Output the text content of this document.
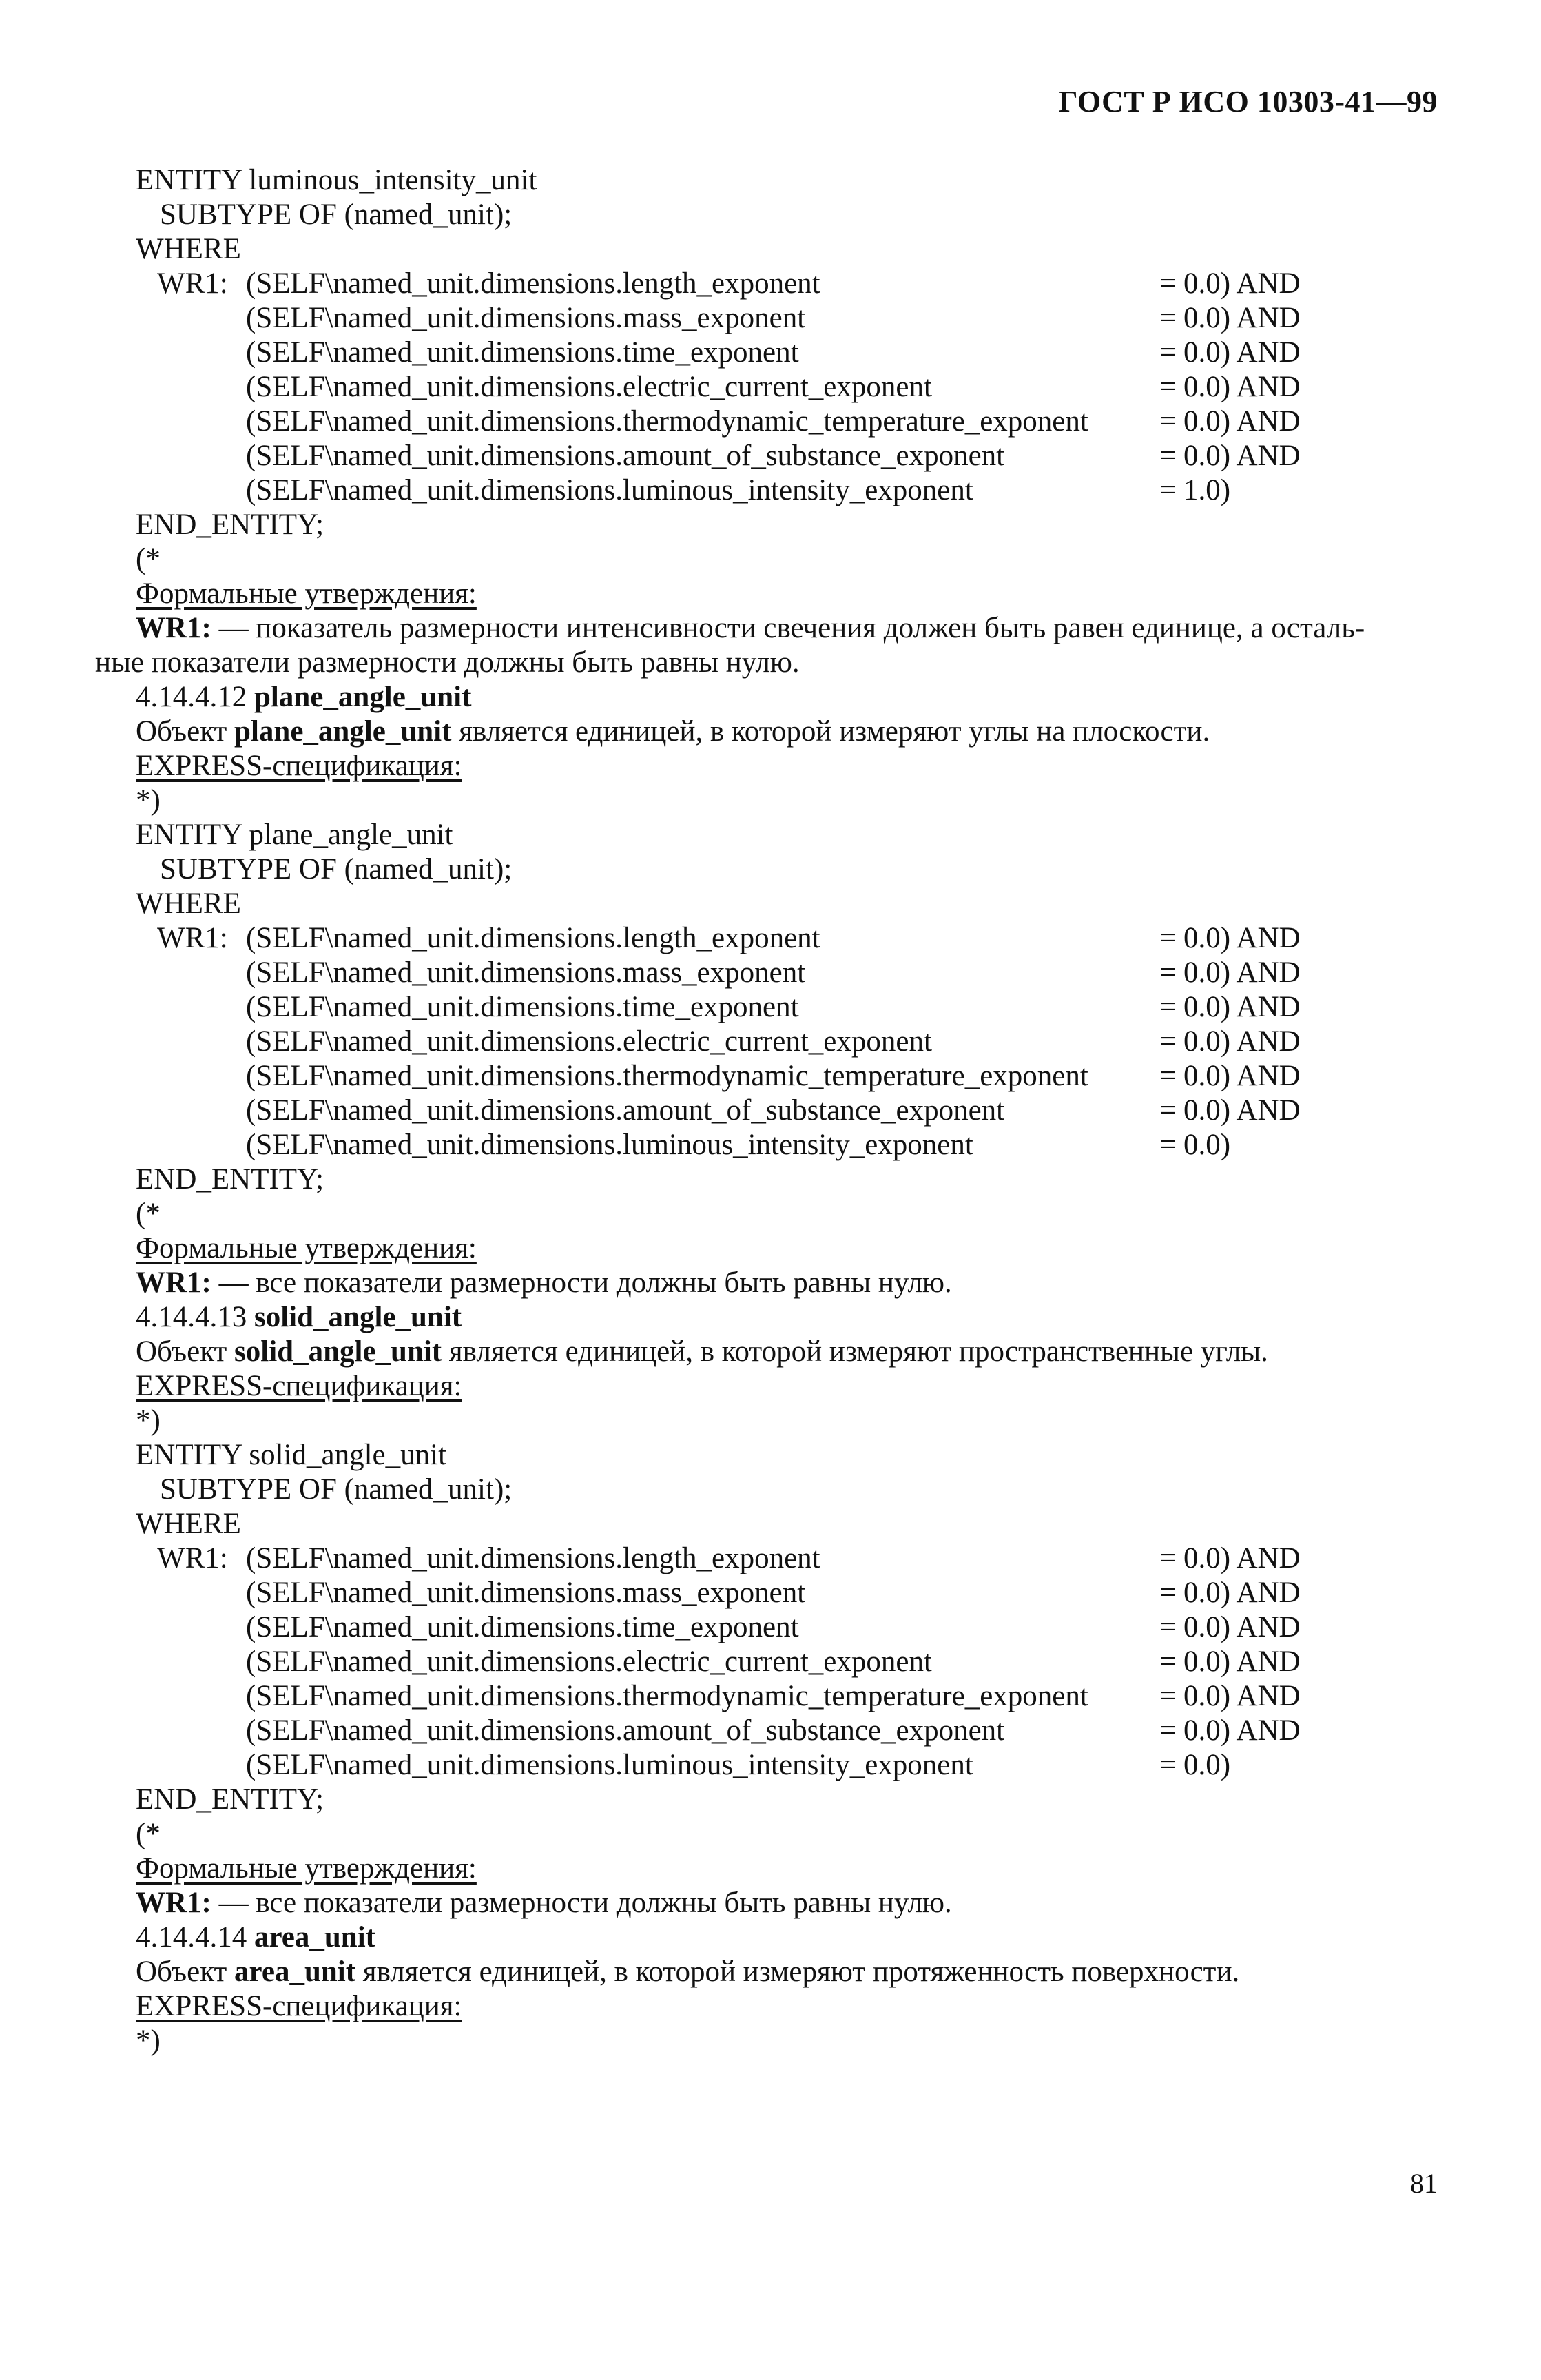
ГОСТ Р ИСО 10303-41—99
ENTITY luminous_intensity_unit
SUBTYPE OF (named_unit);
WHERE
WR1: (SELF\named_unit.dimensions.length_exponent	= 0.0) AND
(SELF\named_unit.dimensions.mass_exponent	= 0.0) AND
(SELF\named_unit.dimensions.time_exponent	= 0.0) AND
(SELF\named_unit.dimensions.electric_current_exponent	= 0.0) AND
(SELF\named_unit.dimensions.thermodynamic_temperature_exponent = 0.0) AND
(SELF\named_unit.dimensions.amount_of_substance_exponent	= 0.0) AND
(SELF\named_unit.dimensions.luminous_intensity_exponent	= 1.0)
END_ENTITY;
(*
Формальные утверждения:
WR1: — показатель размерности интенсивности свечения должен быть равен единице, а осталь-
ные показатели размерности должны быть равны нулю.
4.14.4.12 plane_angle_unit
Объект plane_angle_unit является единицей, в которой измеряют углы на плоскости.
EXPRESS-спецификация:
*)
ENTITY plane_angle_unit
SUBTYPE OF (named_unit);
WHERE
WR1: (SELF\named_unit.dimensions.length_exponent	= 0.0) AND
(SELF\named_unit.dimensions.mass_exponent	= 0.0) AND
(SELF\named_unit.dimensions.time_exponent	= 0.0) AND
(SELF\named_unit.dimensions.electric_current_exponent	= 0.0) AND
(SELF\named_unit.dimensions.thermodynamic_temperature_exponent = 0.0) AND
(SELF\named_unit.dimensions.amount_of_substance_exponent	= 0.0) AND
(SELF\named_unit.dimensions.luminous_intensity_exponent	= 0.0)
END_ENTITY;
(*
Формальные утверждения:
WR1: — все показатели размерности должны быть равны нулю.
4.14.4.13 solid_angle_unit
Объект solid_angle_unit является единицей, в которой измеряют пространственные углы.
EXPRESS-спецификация:
*)
ENTITY solid_angle_unit
SUBTYPE OF (named_unit);
WHERE
WR1: (SELF\named_unit.dimensions.length_exponent	= 0.0) AND
(SELF\named_unit.dimensions.mass_exponent	= 0.0) AND
(SELF\named_unit.dimensions.time_exponent	= 0.0) AND
(SELF\named_unit.dimensions.electric_current_exponent	= 0.0) AND
(SELF\named_unit.dimensions.thermodynamic_temperature_exponent = 0.0) AND
(SELF\named_unit.dimensions.amount_of_substance_exponent	= 0.0) AND
(SELF\named_unit.dimensions.luminous_intensity_exponent	= 0.0)
END_ENTITY;
(*
Формальные утверждения:
WR1: — все показатели размерности должны быть равны нулю.
4.14.4.14 area_unit
Объект area_unit является единицей, в которой измеряют протяженность поверхности.
EXPRESS-спецификация:
*)
81
